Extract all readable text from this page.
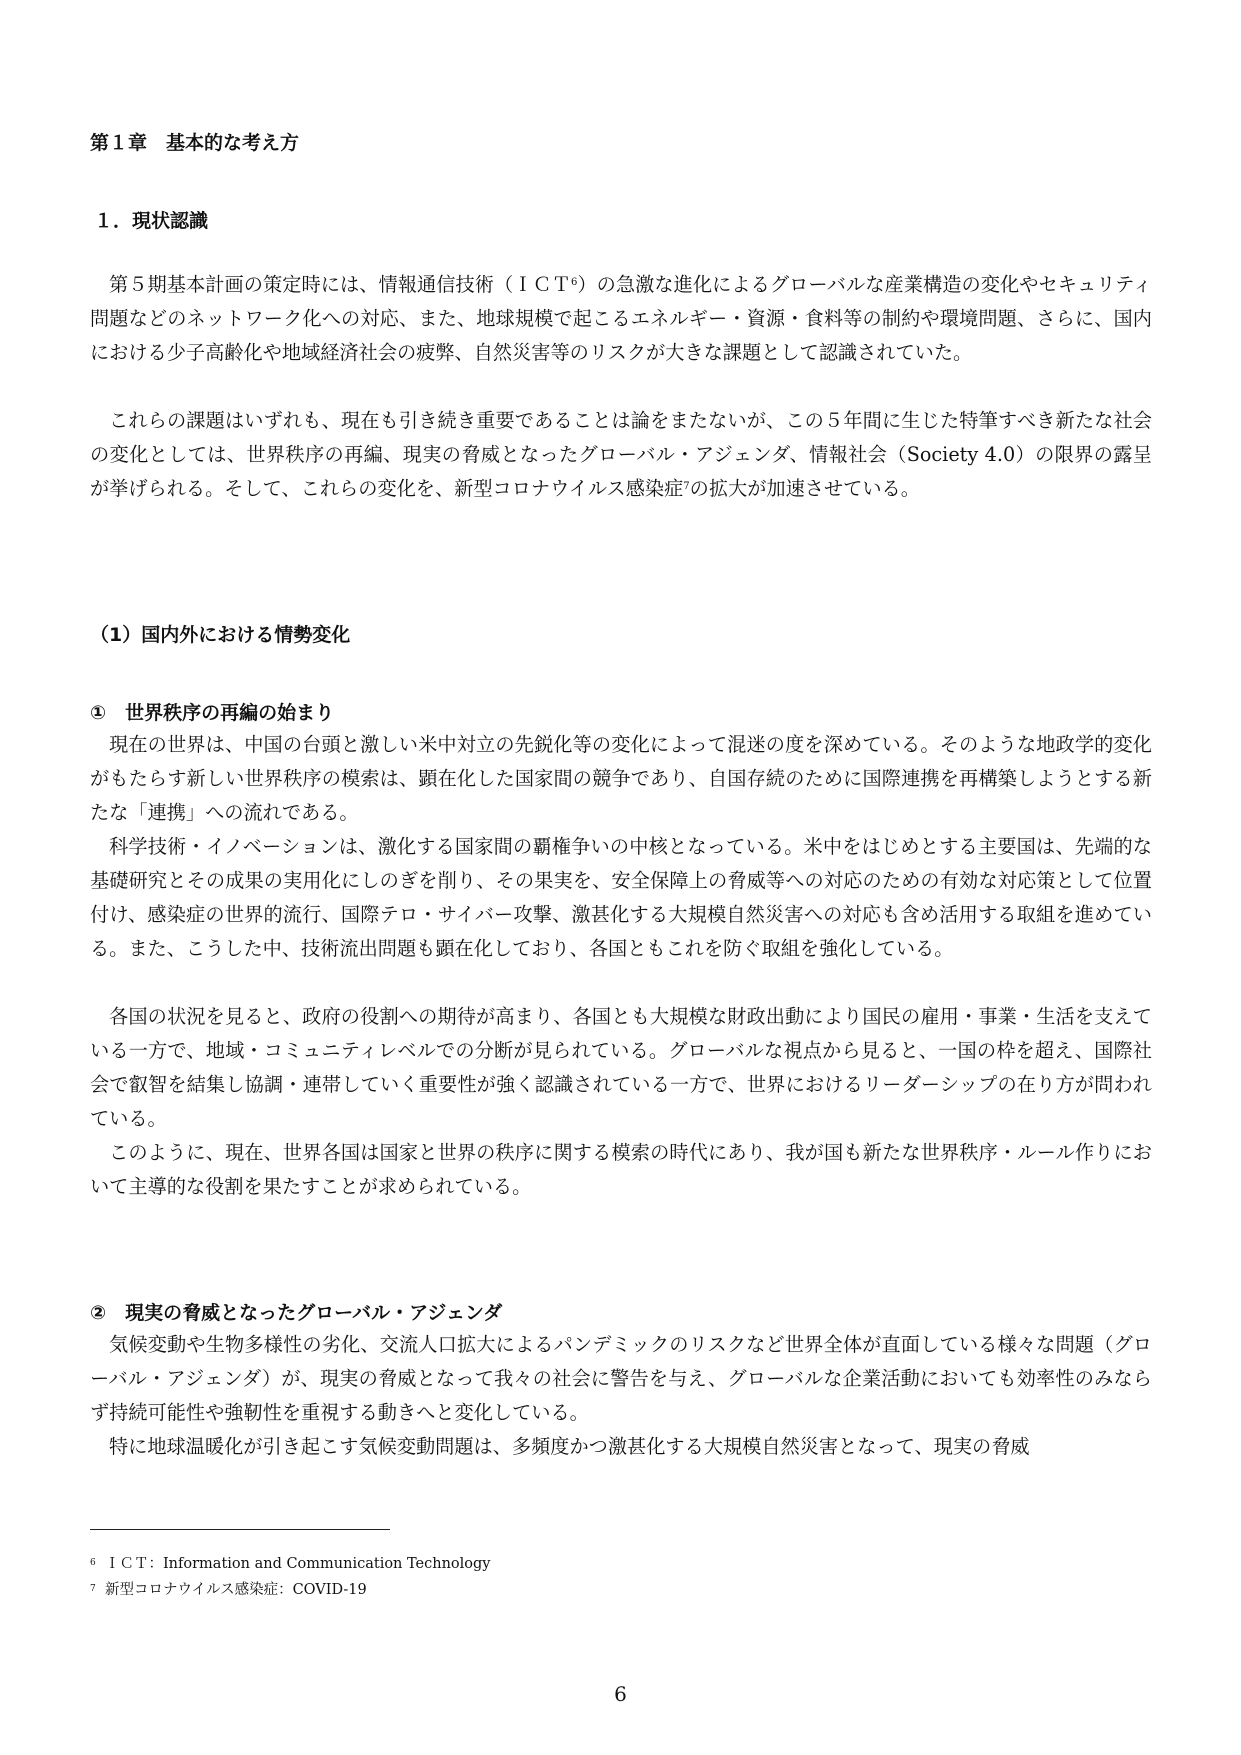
第１章　基本的な考え方
１．現状認識

第５期基本計画の策定時には、情報通信技術（ＩＣＴ$^6$）の急激な進化によるグローバルな産業構造の変化やセキュリティ問題などのネットワーク化への対応、また、地球規模で起こるエネルギー・資源・食料等の制約や環境問題、さらに、国内における少子高齢化や地域経済社会の疲弊、自然災害等のリスクが大きな課題として認識されていた。

これらの課題はいずれも、現在も引き続き重要であることは論をまたないが、この５年間に生じた特筆すべき新たな社会の変化としては、世界秩序の再編、現実の脅威となったグローバル・アジェンダ、情報社会（Society 4.0）の限界の露呈が挙げられる。そして、これらの変化を、新型コロナウイルス感染症$^7$の拡大が加速させている。

（1）国内外における情勢変化
①　世界秩序の再編の始まり

現在の世界は、中国の台頭と激しい米中対立の先鋭化等の変化によって混迷の度を深めている。そのような地政学的変化がもたらす新しい世界秩序の模索は、顕在化した国家間の競争であり、自国存続のために国際連携を再構築しようとする新たな「連携」への流れである。

科学技術・イノベーションは、激化する国家間の覇権争いの中核となっている。米中をはじめとする主要国は、先端的な基礎研究とその成果の実用化にしのぎを削り、その果実を、安全保障上の脅威等への対応のための有効な対応策として位置付け、感染症の世界的流行、国際テロ・サイバー攻撃、激甚化する大規模自然災害への対応も含め活用する取組を進めている。また、こうした中、技術流出問題も顕在化しており、各国ともこれを防ぐ取組を強化している。

各国の状況を見ると、政府の役割への期待が高まり、各国とも大規模な財政出動により国民の雇用・事業・生活を支えている一方で、地域・コミュニティレベルでの分断が見られている。グローバルな視点から見ると、一国の枠を超え、国際社会で叡智を結集し協調・連帯していく重要性が強く認識されている一方で、世界におけるリーダーシップの在り方が問われている。

このように、現在、世界各国は国家と世界の秩序に関する模索の時代にあり、我が国も新たな世界秩序・ルール作りにおいて主導的な役割を果たすことが求められている。

②　現実の脅威となったグローバル・アジェンダ

気候変動や生物多様性の劣化、交流人口拡大によるパンデミックのリスクなど世界全体が直面している様々な問題（グローバル・アジェンダ）が、現実の脅威となって我々の社会に警告を与え、グローバルな企業活動においても効率性のみならず持続可能性や強靭性を重視する動きへと変化している。

特に地球温暖化が引き起こす気候変動問題は、多頻度かつ激甚化する大規模自然災害となって、現実の脅威

$^6$ ＩＣＴ：Information and Communication Technology
$^7$ 新型コロナウイルス感染症：COVID-19
6
